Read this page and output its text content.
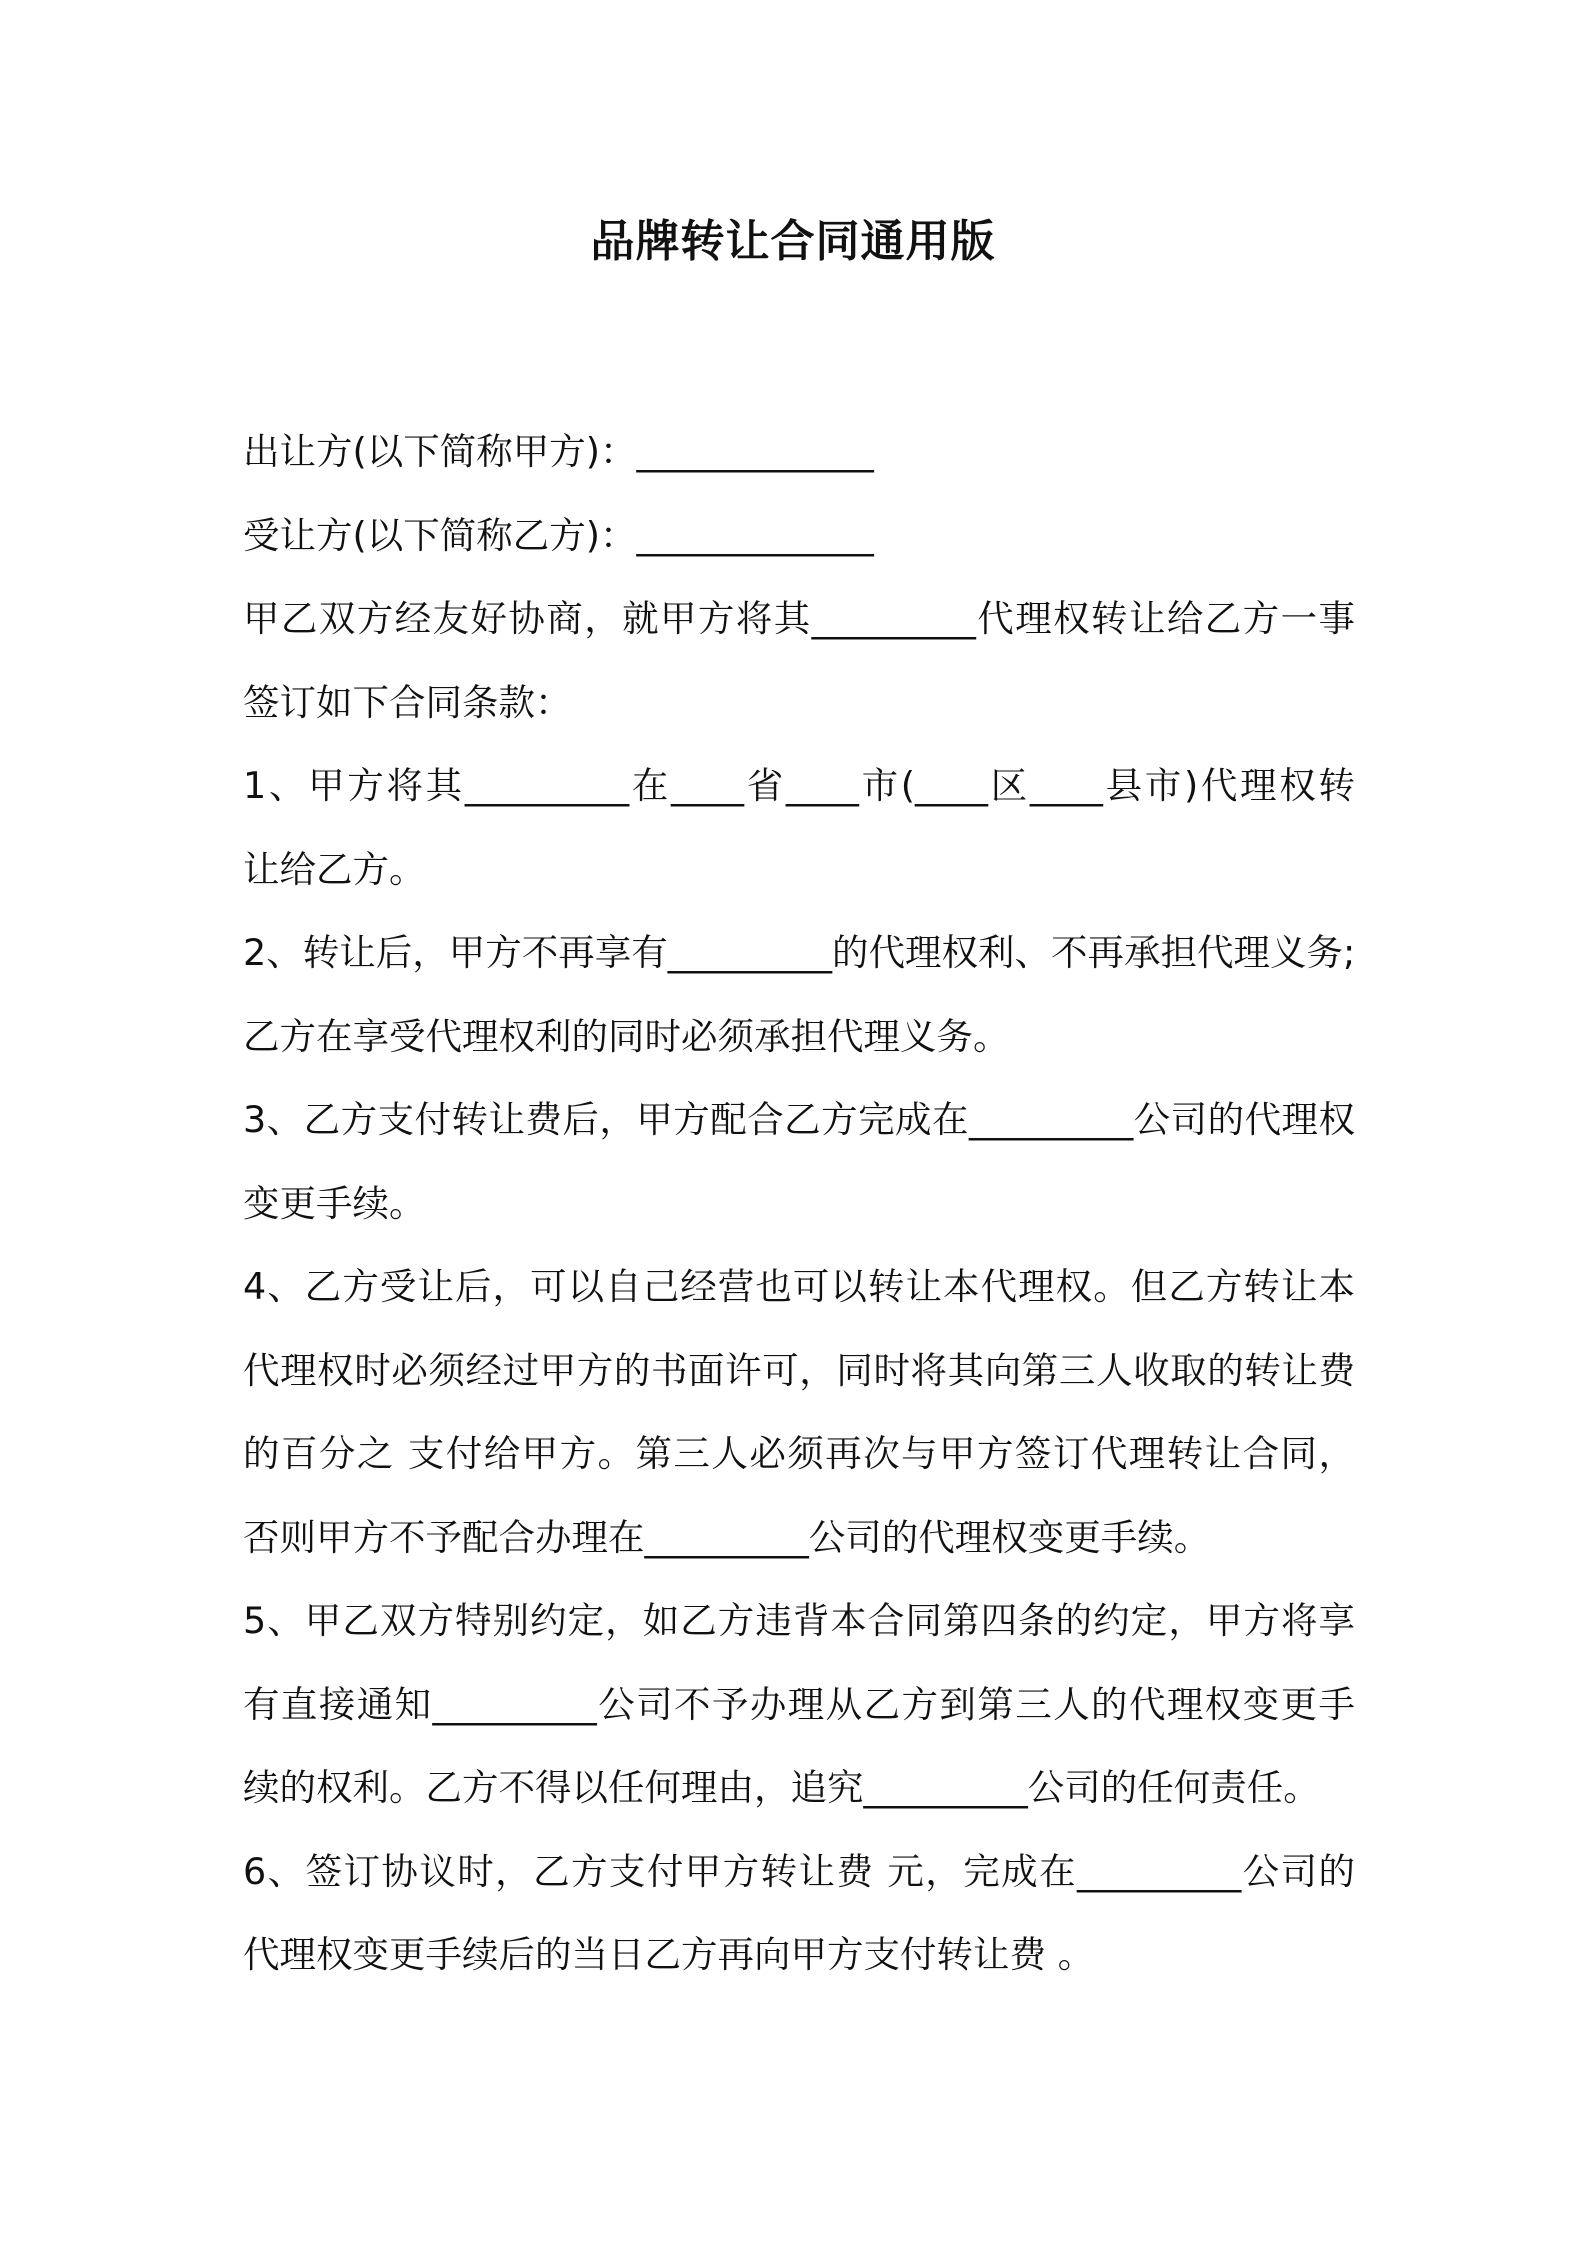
品牌转让合同通用版
出让方(以下简称甲方)：_____________
受让方(以下简称乙方)：_____________
甲乙双方经友好协商，就甲方将其_________代理权转让给乙方一事
签订如下合同条款：
1、甲方将其_________在____省____市(____区____县市)代理权转
让给乙方。
2、转让后，甲方不再享有_________的代理权利、不再承担代理义务;
乙方在享受代理权利的同时必须承担代理义务。
3、乙方支付转让费后，甲方配合乙方完成在_________公司的代理权
变更手续。
4、乙方受让后，可以自己经营也可以转让本代理权。但乙方转让本
代理权时必须经过甲方的书面许可，同时将其向第三人收取的转让费
的百分之 支付给甲方。第三人必须再次与甲方签订代理转让合同，
否则甲方不予配合办理在_________公司的代理权变更手续。
5、甲乙双方特别约定，如乙方违背本合同第四条的约定，甲方将享
有直接通知_________公司不予办理从乙方到第三人的代理权变更手
续的权利。乙方不得以任何理由，追究_________公司的任何责任。
6、签订协议时，乙方支付甲方转让费 元，完成在_________公司的
代理权变更手续后的当日乙方再向甲方支付转让费 。
